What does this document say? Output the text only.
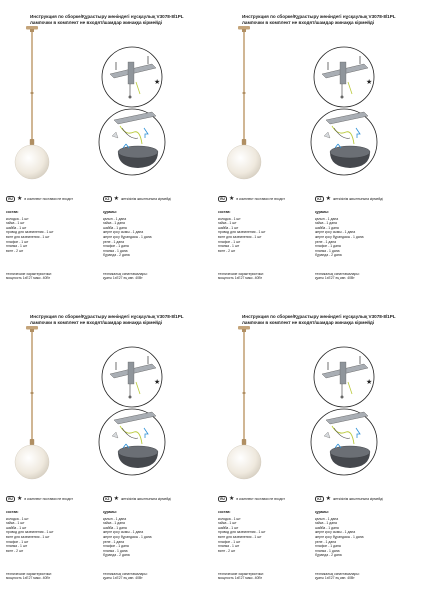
★
Инструкция по сборке/Құрастыру жөніндегі нұсқаулық V3078-8/1PL
лампочки в комплект не входят/шамдар жинаққа кірмейді
RU ★ в комплект поставки не входит	KZ ★ жеткізілім жиынтығына кірмейді
состав:
колодка - 1 шт
гайка - 1 шт
шайба - 1 шт
провод для заземления - 1 шт
винт для заземления - 1 шт
плафон - 1 шт
планка - 1 шт
винт - 2 шт
құрамы:
қалып - 1 дана
гайка - 1 дана
шайба - 1 дана
жерге қосу сымы - 1 дана
жерге қосу бұрандасы - 1 дана
реле - 1 дана
плафон - 1 дана
планка - 1 дана
бұранда - 2 дана
технические характеристики:
мощность 1хЕ27 макс. 40Вт
техникалық сипаттамалары:
қуаты 1хЕ27 ең көп. 40Вт
★
Инструкция по сборке/Құрастыру жөніндегі нұсқаулық V3078-8/1PL
лампочки в комплект не входят/шамдар жинаққа кірмейді
RU ★ в комплект поставки не входит	KZ ★ жеткізілім жиынтығына кірмейді
состав:
колодка - 1 шт
гайка - 1 шт
шайба - 1 шт
провод для заземления - 1 шт
винт для заземления - 1 шт
плафон - 1 шт
планка - 1 шт
винт - 2 шт
құрамы:
қалып - 1 дана
гайка - 1 дана
шайба - 1 дана
жерге қосу сымы - 1 дана
жерге қосу бұрандасы - 1 дана
реле - 1 дана
плафон - 1 дана
планка - 1 дана
бұранда - 2 дана
технические характеристики:
мощность 1хЕ27 макс. 40Вт
техникалық сипаттамалары:
қуаты 1хЕ27 ең көп. 40Вт
★
Инструкция по сборке/Құрастыру жөніндегі нұсқаулық V3078-8/1PL
лампочки в комплект не входят/шамдар жинаққа кірмейді
RU ★ в комплект поставки не входит	KZ ★ жеткізілім жиынтығына кірмейді
состав:
колодка - 1 шт
гайка - 1 шт
шайба - 1 шт
провод для заземления - 1 шт
винт для заземления - 1 шт
плафон - 1 шт
планка - 1 шт
винт - 2 шт
құрамы:
қалып - 1 дана
гайка - 1 дана
шайба - 1 дана
жерге қосу сымы - 1 дана
жерге қосу бұрандасы - 1 дана
реле - 1 дана
плафон - 1 дана
планка - 1 дана
бұранда - 2 дана
технические характеристики:
мощность 1хЕ27 макс. 40Вт
техникалық сипаттамалары:
қуаты 1хЕ27 ең көп. 40Вт
★
Инструкция по сборке/Құрастыру жөніндегі нұсқаулық V3078-8/1PL
лампочки в комплект не входят/шамдар жинаққа кірмейді
RU ★ в комплект поставки не входит	KZ ★ жеткізілім жиынтығына кірмейді
состав:
колодка - 1 шт
гайка - 1 шт
шайба - 1 шт
провод для заземления - 1 шт
винт для заземления - 1 шт
плафон - 1 шт
планка - 1 шт
винт - 2 шт
құрамы:
қалып - 1 дана
гайка - 1 дана
шайба - 1 дана
жерге қосу сымы - 1 дана
жерге қосу бұрандасы - 1 дана
реле - 1 дана
плафон - 1 дана
планка - 1 дана
бұранда - 2 дана
технические характеристики:
мощность 1хЕ27 макс. 40Вт
техникалық сипаттамалары:
қуаты 1хЕ27 ең көп. 40Вт
